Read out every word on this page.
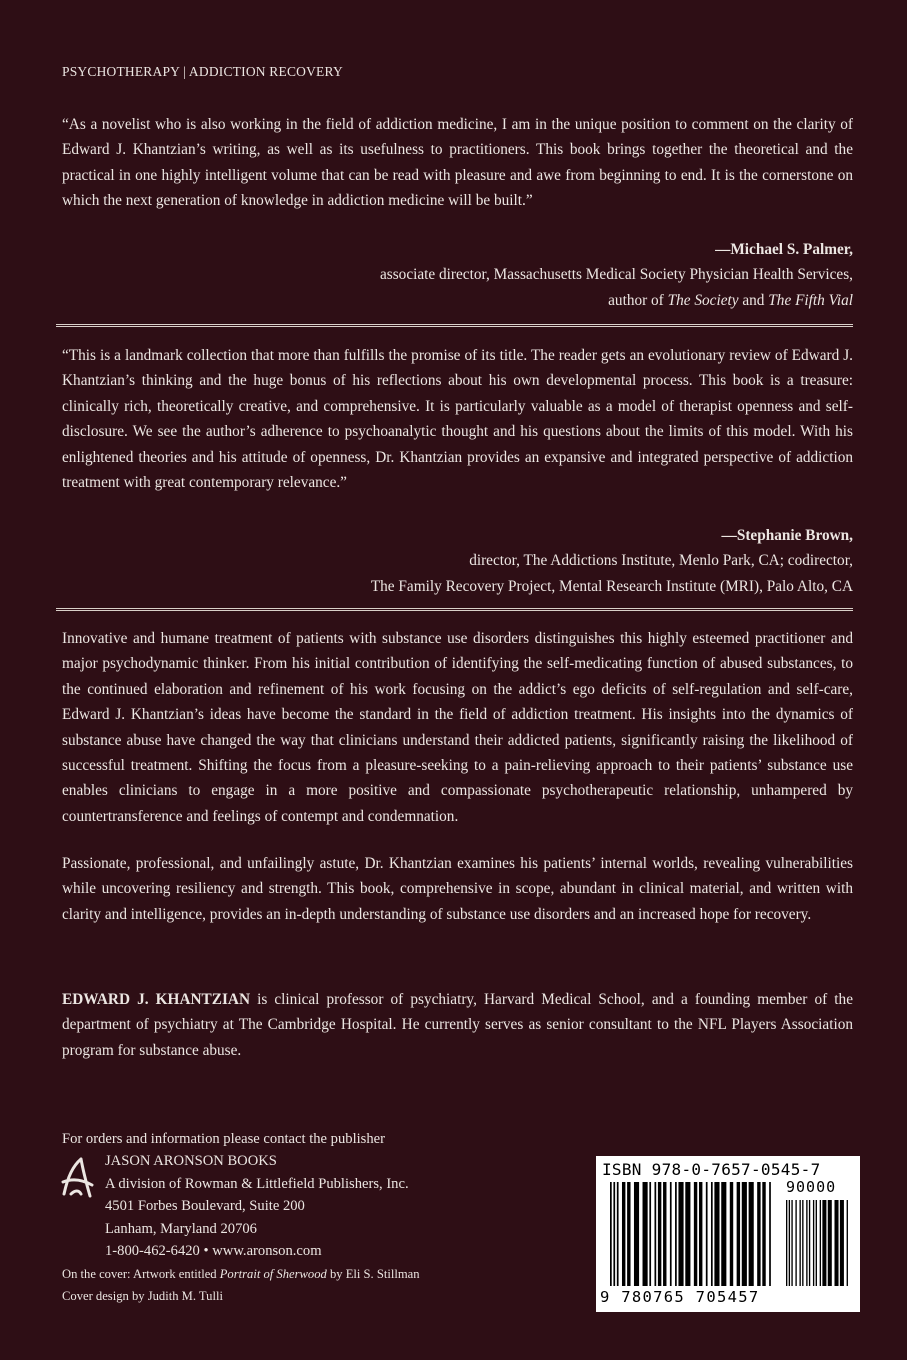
PSYCHOTHERAPY | ADDICTION RECOVERY
“As a novelist who is also working in the field of addiction medicine, I am in the unique position to comment on the clarity of Edward J. Khantzian’s writing, as well as its usefulness to practitioners. This book brings together the theoretical and the practical in one highly intelligent volume that can be read with pleasure and awe from beginning to end. It is the cornerstone on which the next generation of knowledge in addiction medicine will be built.”
—Michael S. Palmer,
associate director, Massachusetts Medical Society Physician Health Services,
author of The Society and The Fifth Vial
“This is a landmark collection that more than fulfills the promise of its title. The reader gets an evolutionary review of Edward J. Khantzian’s thinking and the huge bonus of his reflections about his own developmental process. This book is a treasure: clinically rich, theoretically creative, and comprehensive. It is particularly valuable as a model of therapist openness and self-disclosure. We see the author’s adherence to psychoanalytic thought and his questions about the limits of this model. With his enlightened theories and his attitude of openness, Dr. Khantzian provides an expansive and integrated perspective of addiction treatment with great contemporary relevance.”
—Stephanie Brown,
director, The Addictions Institute, Menlo Park, CA; codirector,
The Family Recovery Project, Mental Research Institute (MRI), Palo Alto, CA

Innovative and humane treatment of patients with substance use disorders distinguishes this highly esteemed practitioner and major psychodynamic thinker. From his initial contribution of identifying the self-medicating function of abused substances, to the continued elaboration and refinement of his work focusing on the addict’s ego deficits of self-regulation and self-care, Edward J. Khantzian’s ideas have become the standard in the field of addiction treatment. His insights into the dynamics of substance abuse have changed the way that clinicians understand their addicted patients, significantly raising the likelihood of successful treatment. Shifting the focus from a pleasure-seeking to a pain-relieving approach to their patients’ substance use enables clinicians to engage in a more positive and compassionate psychotherapeutic relationship, unhampered by countertransference and feelings of contempt and condemnation.

Passionate, professional, and unfailingly astute, Dr. Khantzian examines his patients’ internal worlds, revealing vulnerabilities while uncovering resiliency and strength. This book, comprehensive in scope, abundant in clinical material, and written with clarity and intelligence, provides an in-depth understanding of substance use disorders and an increased hope for recovery.

EDWARD J. KHANTZIAN is clinical professor of psychiatry, Harvard Medical School, and a founding member of the department of psychiatry at The Cambridge Hospital. He currently serves as senior consultant to the NFL Players Association program for substance abuse.
For orders and information please contact the publisher
JASON ARONSON BOOKS
A division of Rowman & Littlefield Publishers, Inc.
4501 Forbes Boulevard, Suite 200
Lanham, Maryland 20706
1-800-462-6420 • www.aronson.com
On the cover: Artwork entitled Portrait of Sherwood by Eli S. Stillman
Cover design by Judith M. Tulli
ISBN 978-0-7657-0545-7
90000
9 780765 705457
